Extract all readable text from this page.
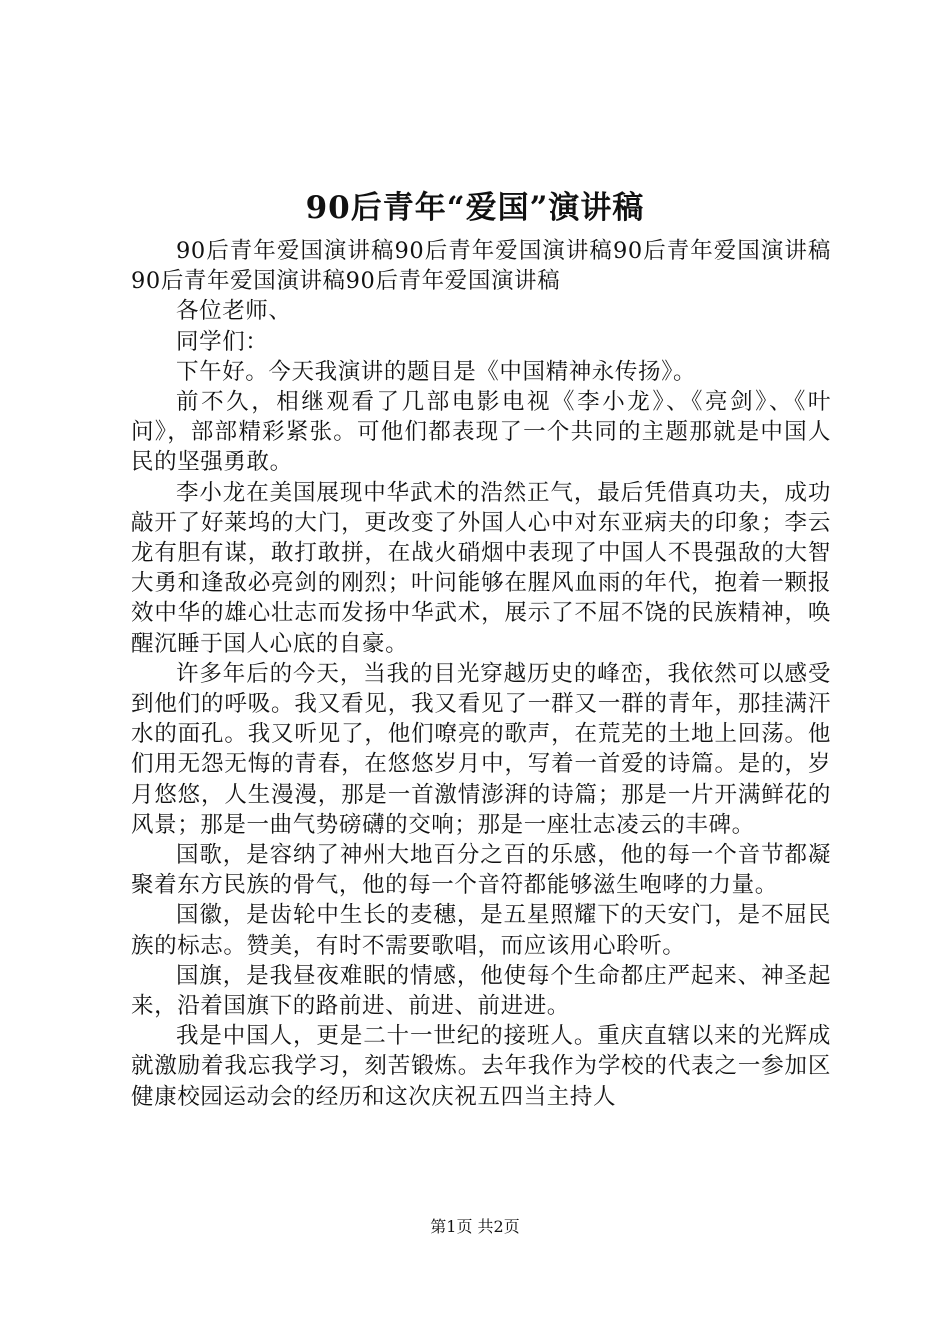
90后青年“爱国”演讲稿

90后青年爱国演讲稿90后青年爱国演讲稿90后青年爱国演讲稿90后青年爱国演讲稿90后青年爱国演讲稿

各位老师、

同学们：

下午好。今天我演讲的题目是《中国精神永传扬》。

前不久，相继观看了几部电影电视《李小龙》、《亮剑》、《叶问》，部部精彩紧张。可他们都表现了一个共同的主题那就是中国人民的坚强勇敢。

李小龙在美国展现中华武术的浩然正气，最后凭借真功夫，成功敲开了好莱坞的大门，更改变了外国人心中对东亚病夫的印象；李云龙有胆有谋，敢打敢拼，在战火硝烟中表现了中国人不畏强敌的大智大勇和逢敌必亮剑的刚烈；叶问能够在腥风血雨的年代，抱着一颗报效中华的雄心壮志而发扬中华武术，展示了不屈不饶的民族精神，唤醒沉睡于国人心底的自豪。

许多年后的今天，当我的目光穿越历史的峰峦，我依然可以感受到他们的呼吸。我又看见，我又看见了一群又一群的青年，那挂满汗水的面孔。我又听见了，他们嘹亮的歌声，在荒芜的土地上回荡。他们用无怨无悔的青春，在悠悠岁月中，写着一首爱的诗篇。是的，岁月悠悠，人生漫漫，那是一首激情澎湃的诗篇；那是一片开满鲜花的风景；那是一曲气势磅礴的交响；那是一座壮志凌云的丰碑。

国歌，是容纳了神州大地百分之百的乐感，他的每一个音节都凝聚着东方民族的骨气，他的每一个音符都能够滋生咆哮的力量。

国徽，是齿轮中生长的麦穗，是五星照耀下的天安门，是不屈民族的标志。赞美，有时不需要歌唱，而应该用心聆听。

国旗，是我昼夜难眠的情感，他使每个生命都庄严起来、神圣起来，沿着国旗下的路前进、前进、前进进。

我是中国人，更是二十一世纪的接班人。重庆直辖以来的光辉成就激励着我忘我学习，刻苦锻炼。去年我作为学校的代表之一参加区健康校园运动会的经历和这次庆祝五四当主持人

第1页 共2页
